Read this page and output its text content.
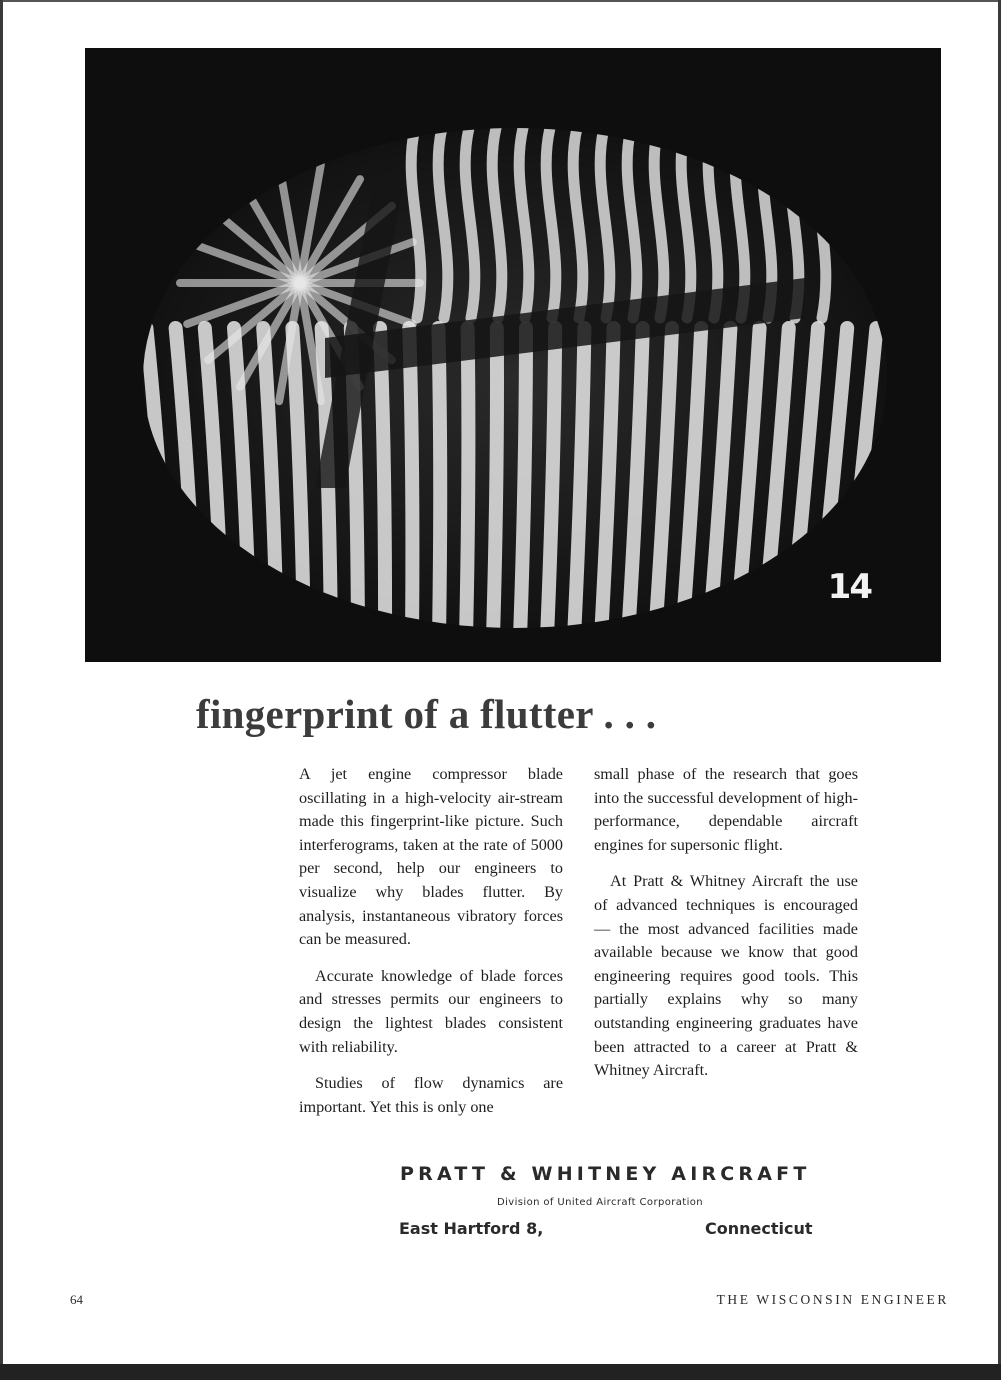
14
fingerprint of a flutter . . .

A jet engine compressor blade oscillating in a high-velocity air-stream made this fingerprint-like picture. Such interferograms, taken at the rate of 5000 per second, help our engineers to visualize why blades flutter. By analysis, instantaneous vibratory forces can be measured.

Accurate knowledge of blade forces and stresses permits our engineers to design the lightest blades consistent with reliability.

Studies of flow dynamics are important. Yet this is only one

small phase of the research that goes into the successful development of high-performance, dependable aircraft engines for supersonic flight.

At Pratt & Whitney Aircraft the use of advanced techniques is encouraged — the most advanced facilities made available because we know that good engineering requires good tools. This partially explains why so many outstanding engineering graduates have been attracted to a career at Pratt & Whitney Aircraft.

PRATT & WHITNEY AIRCRAFT
Division of United Aircraft Corporation
East Hartford 8,	Connecticut
64	THE WISCONSIN ENGINEER
